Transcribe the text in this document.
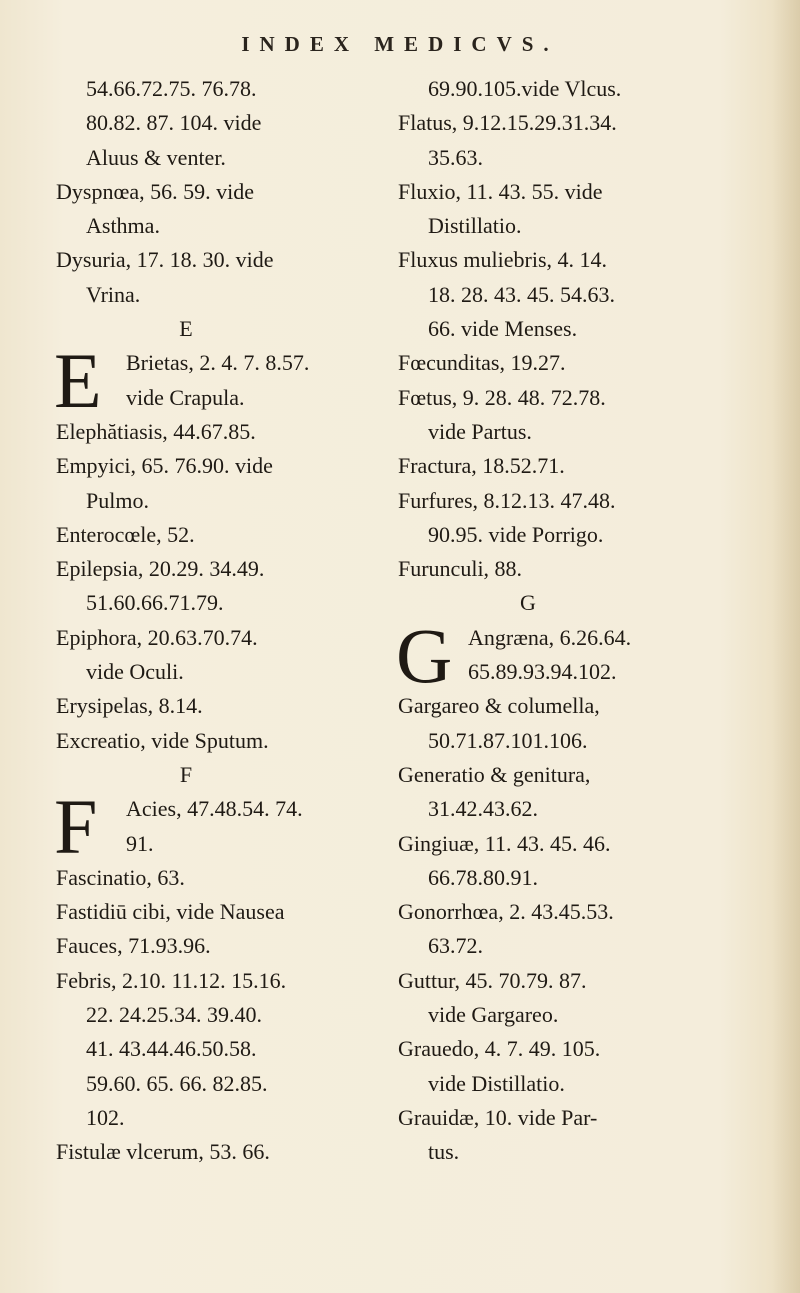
INDEX MEDICVS.
54.66.72.75. 76.78.
80.82. 87. 104. vide
Aluus & venter.
Dyspnœa, 56. 59. vide
Asthma.
Dysuria, 17. 18. 30. vide
Vrina.
E
E Brietas, 2. 4. 7. 8.57.
vide Crapula.
Elephătiasis, 44.67.85.
Empyici, 65. 76.90. vide
Pulmo.
Enterocœle, 52.
Epilepsia, 20.29. 34.49.
51.60.66.71.79.
Epiphora, 20.63.70.74.
vide Oculi.
Erysipelas, 8.14.
Excreatio, vide Sputum.
F
F Acies, 47.48.54. 74.
91.
Fascinatio, 63.
Fastidiū cibi, vide Nausea
Fauces, 71.93.96.
Febris, 2.10. 11.12. 15.16.
22. 24.25.34. 39.40.
41. 43.44.46.50.58.
59.60. 65. 66. 82.85.
102.
Fistulæ vlcerum, 53. 66.
69.90.105.vide Vlcus.
Flatus, 9.12.15.29.31.34.
35.63.
Fluxio, 11. 43. 55. vide
Distillatio.
Fluxus muliebris, 4. 14.
18. 28. 43. 45. 54.63.
66. vide Menses.
Fœcunditas, 19.27.
Fœtus, 9. 28. 48. 72.78.
vide Partus.
Fractura, 18.52.71.
Furfures, 8.12.13. 47.48.
90.95. vide Porrigo.
Furunculi, 88.
G
G Angræna, 6.26.64.
65.89.93.94.102.
Gargareo & columella,
50.71.87.101.106.
Generatio & genitura,
31.42.43.62.
Gingiuæ, 11. 43. 45. 46.
66.78.80.91.
Gonorrhœa, 2. 43.45.53.
63.72.
Guttur, 45. 70.79. 87.
vide Gargareo.
Grauedo, 4. 7. 49. 105.
vide Distillatio.
Grauidæ, 10. vide Par-
tus.
